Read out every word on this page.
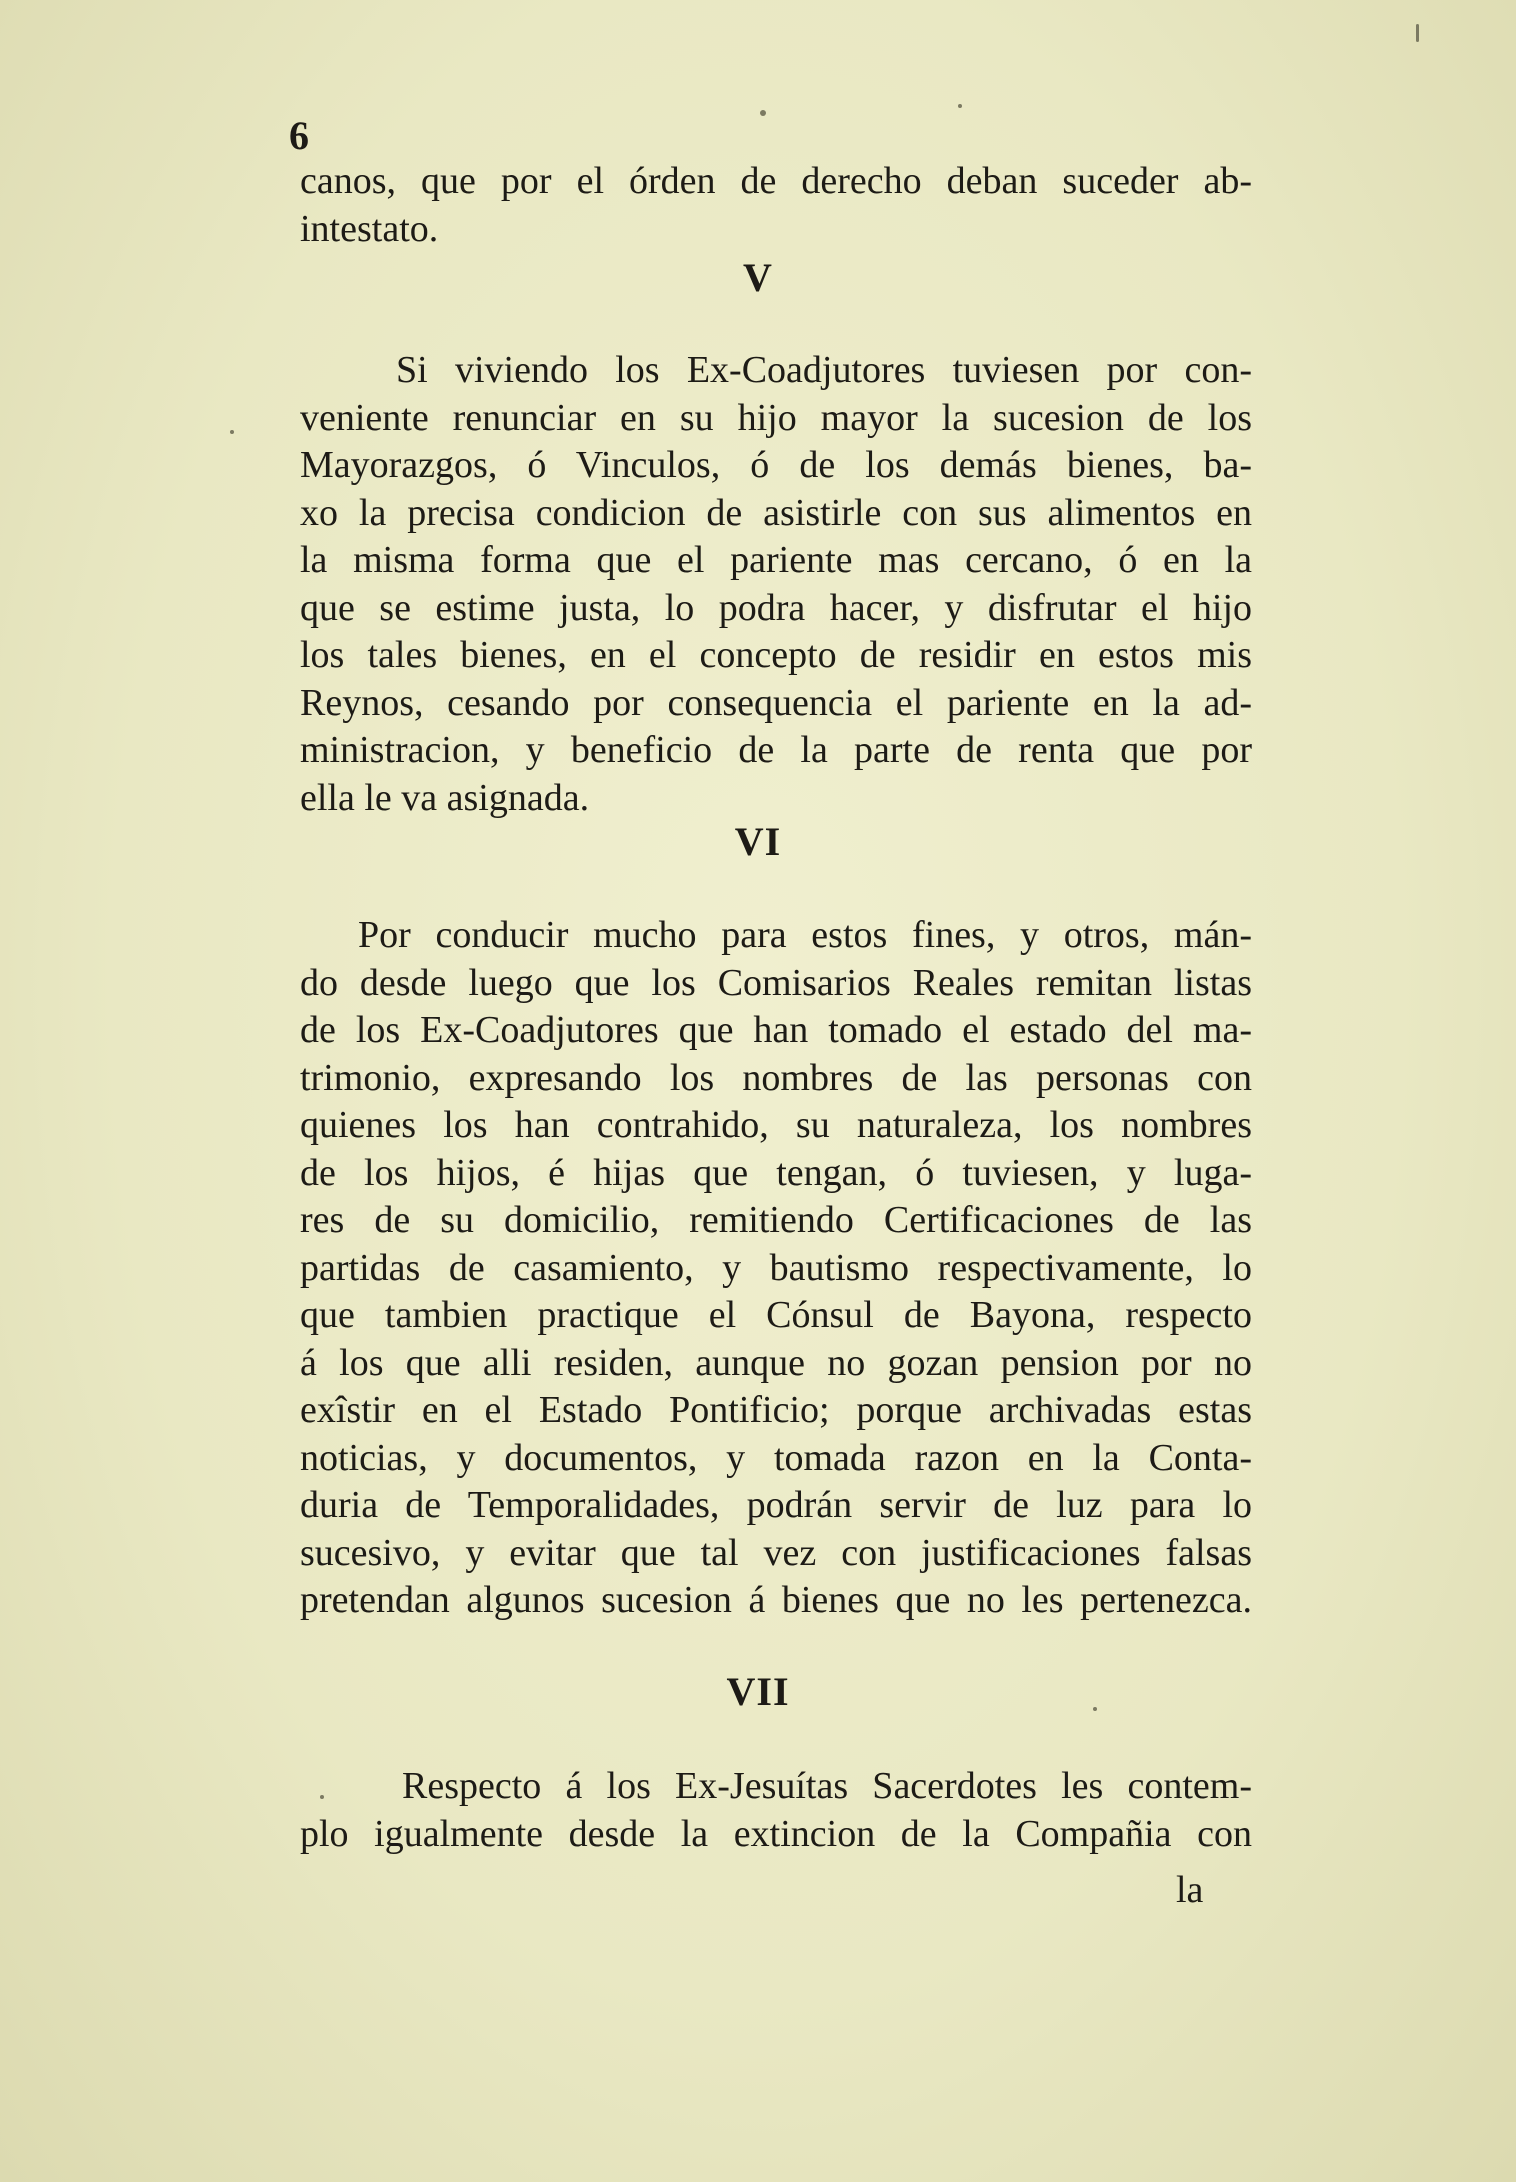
6
canos, que por el órden de derecho deban suceder ab-
intestato.
V
Si viviendo los Ex-Coadjutores tuviesen por con-
veniente renunciar en su hijo mayor la sucesion de los
Mayorazgos, ó Vinculos, ó de los demás bienes, ba-
xo la precisa condicion de asistirle con sus alimentos en
la misma forma que el pariente mas cercano, ó en la
que se estime justa, lo podra hacer, y disfrutar el hijo
los tales bienes, en el concepto de residir en estos mis
Reynos, cesando por consequencia el pariente en la ad-
ministracion, y beneficio de la parte de renta que por
ella le va asignada.
VI
Por conducir mucho para estos fines, y otros, mán-
do desde luego que los Comisarios Reales remitan listas
de los Ex-Coadjutores que han tomado el estado del ma-
trimonio, expresando los nombres de las personas con
quienes los han contrahido, su naturaleza, los nombres
de los hijos, é hijas que tengan, ó tuviesen, y luga-
res de su domicilio, remitiendo Certificaciones de las
partidas de casamiento, y bautismo respectivamente, lo
que tambien practique el Cónsul de Bayona, respecto
á los que alli residen, aunque no gozan pension por no
exîstir en el Estado Pontificio; porque archivadas estas
noticias, y documentos, y tomada razon en la Conta-
duria de Temporalidades, podrán servir de luz para lo
sucesivo, y evitar que tal vez con justificaciones falsas
pretendan algunos sucesion á bienes que no les pertenezca.
VII
Respecto á los Ex-Jesuítas Sacerdotes les contem-
plo igualmente desde la extincion de la Compañia con
la
